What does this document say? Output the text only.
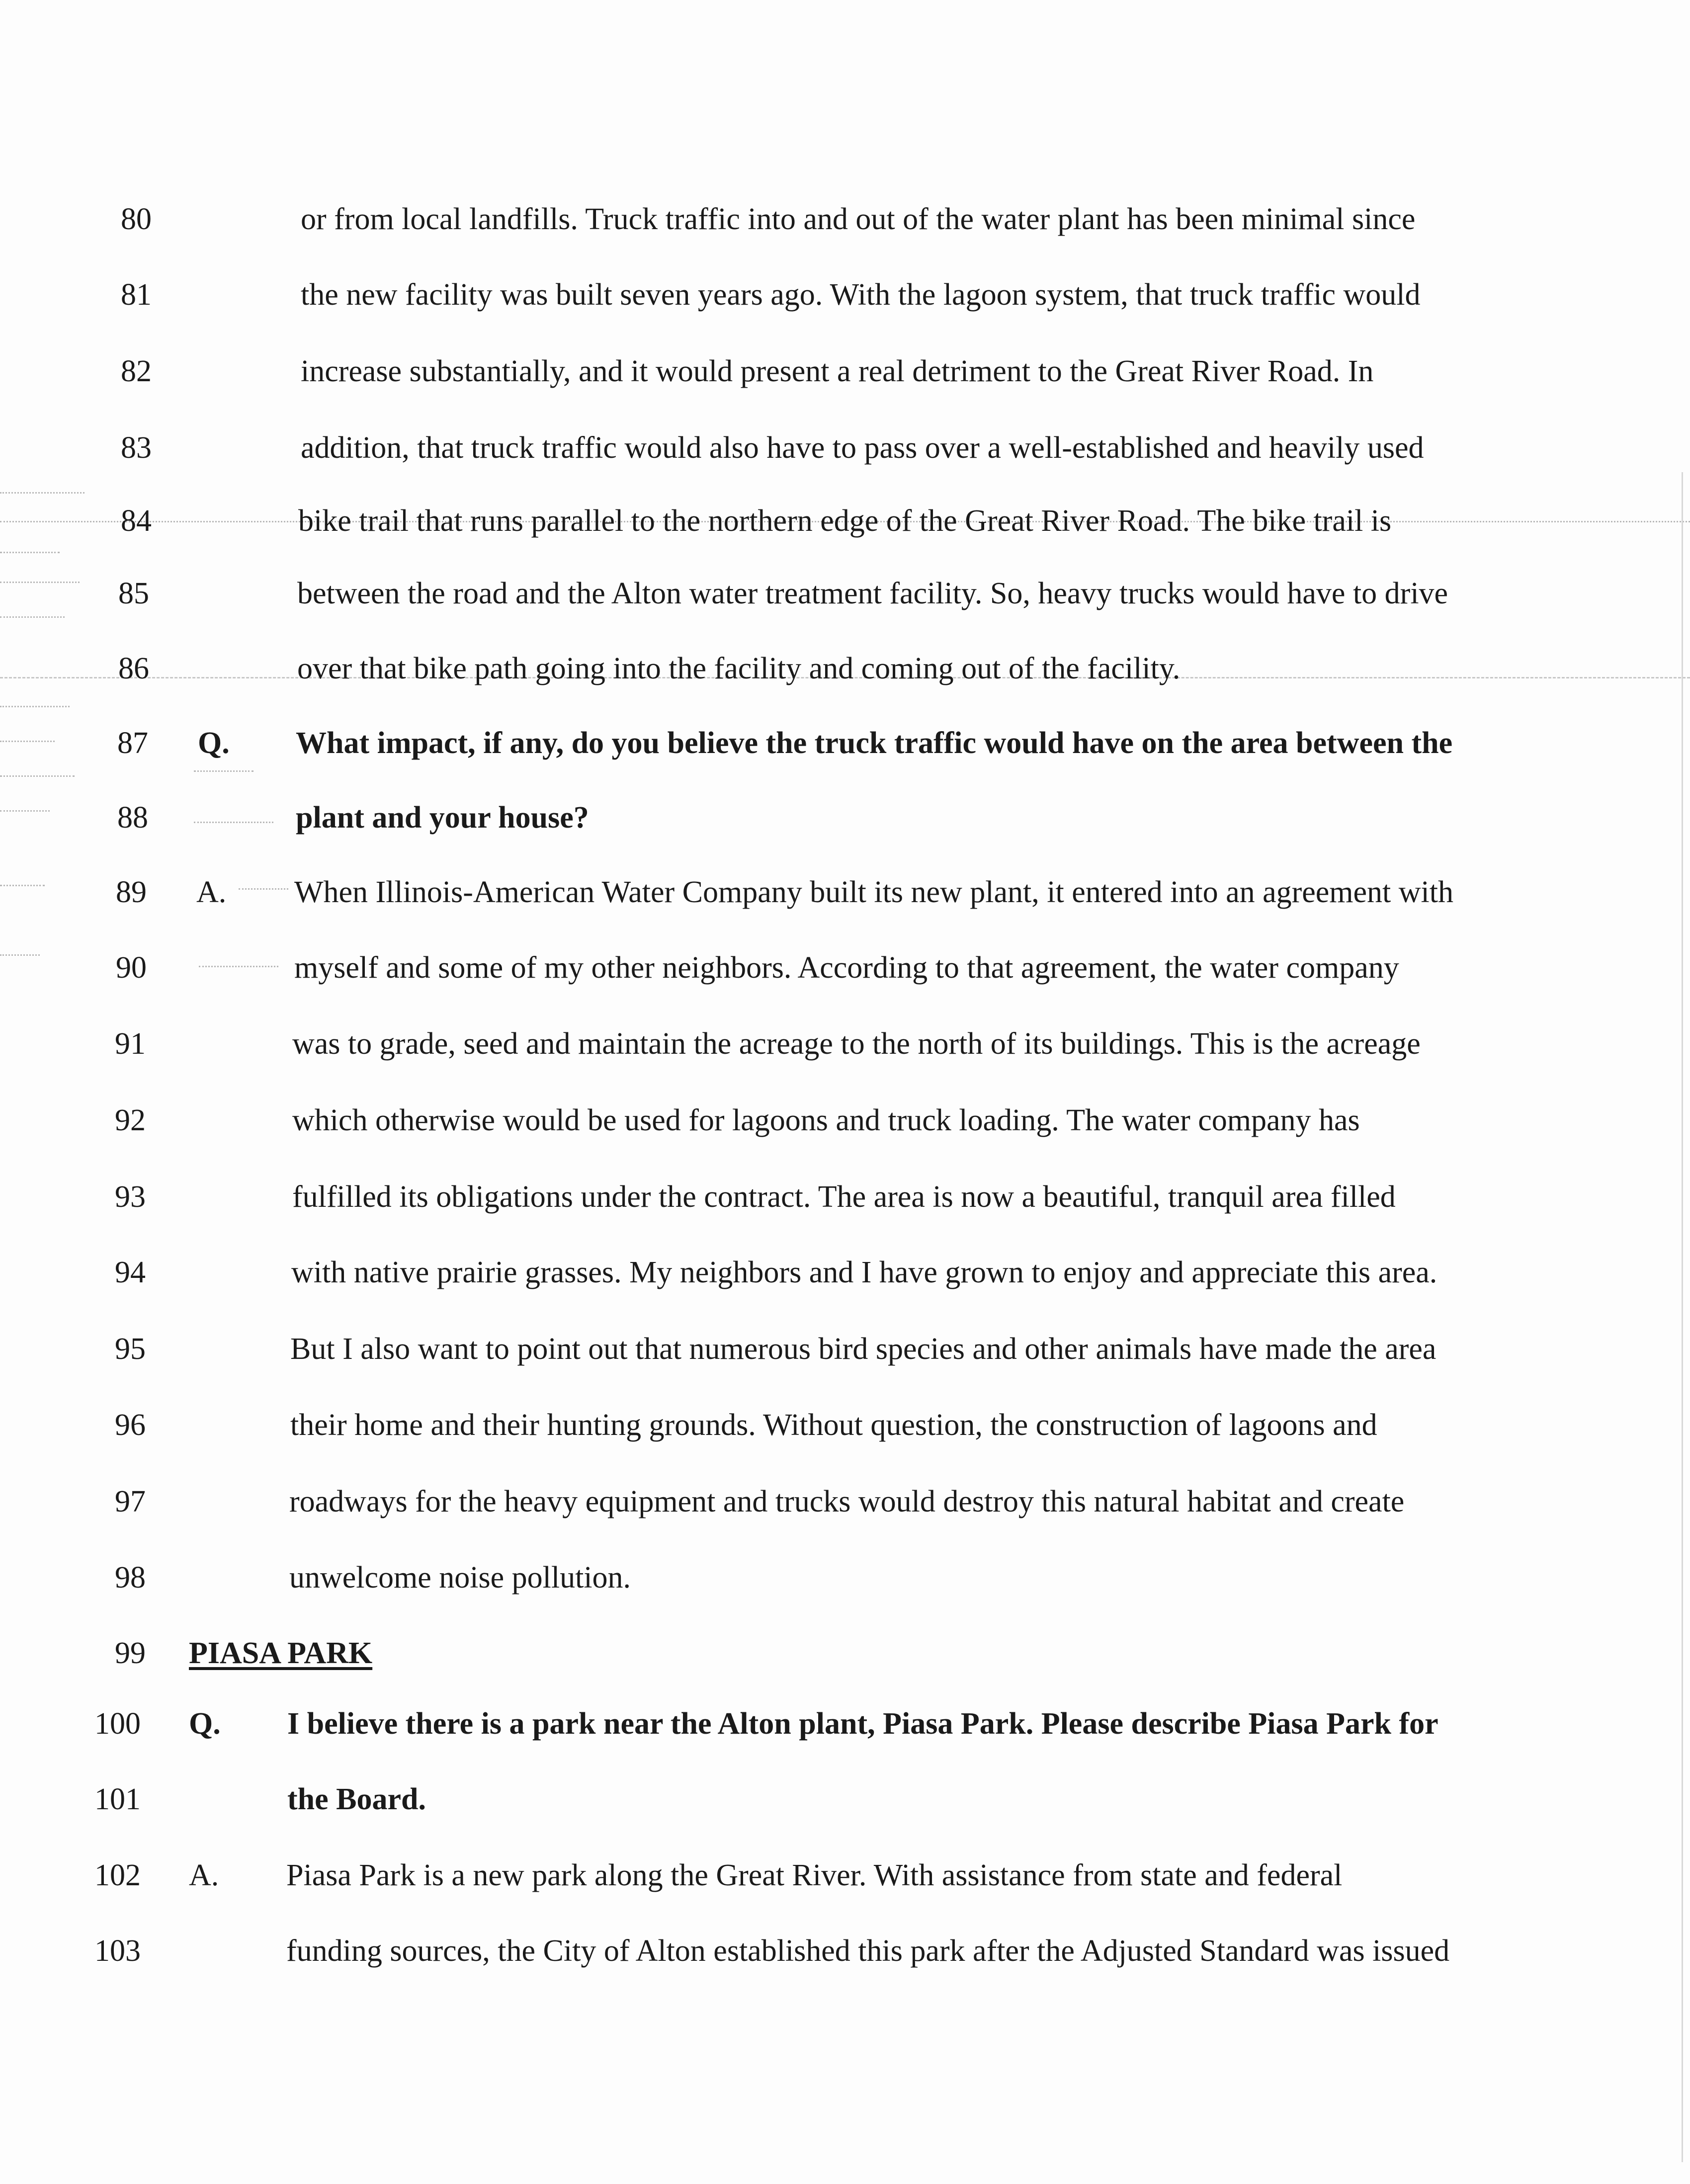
80	or from local landfills. Truck traffic into and out of the water plant has been minimal since
81	the new facility was built seven years ago. With the lagoon system, that truck traffic would
82	increase substantially, and it would present a real detriment to the Great River Road. In
83	addition, that truck traffic would also have to pass over a well-established and heavily used
84	bike trail that runs parallel to the northern edge of the Great River Road. The bike trail is
85	between the road and the Alton water treatment facility. So, heavy trucks would have to drive
86	over that bike path going into the facility and coming out of the facility.
87 Q. What impact, if any, do you believe the truck traffic would have on the area between the
88	plant and your house?
89 A. When Illinois-American Water Company built its new plant, it entered into an agreement with
90	myself and some of my other neighbors. According to that agreement, the water company
91	was to grade, seed and maintain the acreage to the north of its buildings. This is the acreage
92	which otherwise would be used for lagoons and truck loading. The water company has
93	fulfilled its obligations under the contract. The area is now a beautiful, tranquil area filled
94	with native prairie grasses. My neighbors and I have grown to enjoy and appreciate this area.
95	But I also want to point out that numerous bird species and other animals have made the area
96	their home and their hunting grounds. Without question, the construction of lagoons and
97	roadways for the heavy equipment and trucks would destroy this natural habitat and create
98	unwelcome noise pollution.
99 PIASA PARK
100 Q. I believe there is a park near the Alton plant, Piasa Park. Please describe Piasa Park for
101	the Board.
102 A. Piasa Park is a new park along the Great River. With assistance from state and federal
103	funding sources, the City of Alton established this park after the Adjusted Standard was issued
